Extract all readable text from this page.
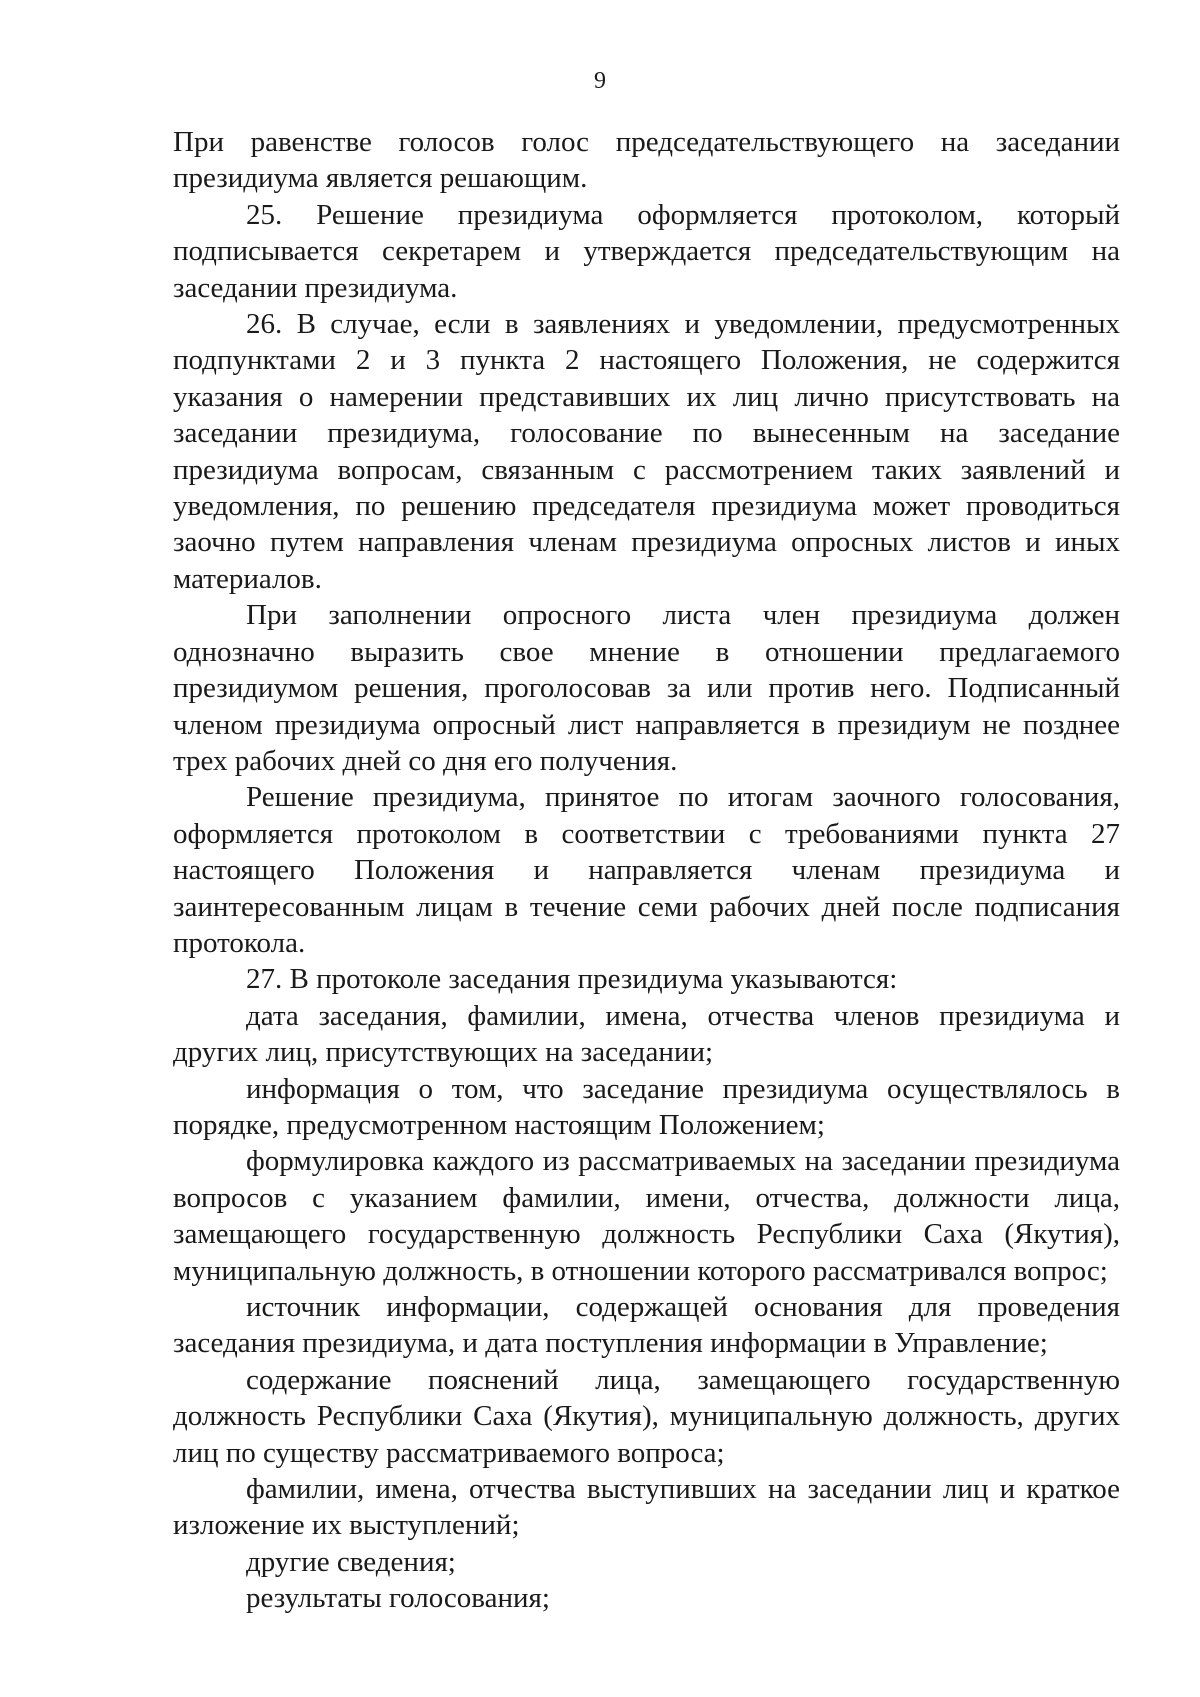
9

При равенстве голосов голос председательствующего на заседании президиума является решающим.

25. Решение президиума оформляется протоколом, который подписывается секретарем и утверждается председательствующим на заседании президиума.

26. В случае, если в заявлениях и уведомлении, предусмотренных подпунктами 2 и 3 пункта 2 настоящего Положения, не содержится указания о намерении представивших их лиц лично присутствовать на заседании президиума, голосование по вынесенным на заседание президиума вопросам, связанным с рассмотрением таких заявлений и уведомления, по решению председателя президиума может проводиться заочно путем направления членам президиума опросных листов и иных материалов.

При заполнении опросного листа член президиума должен однозначно выразить свое мнение в отношении предлагаемого президиумом решения, проголосовав за или против него. Подписанный членом президиума опросный лист направляется в президиум не позднее трех рабочих дней со дня его получения.

Решение президиума, принятое по итогам заочного голосования, оформляется протоколом в соответствии с требованиями пункта 27 настоящего Положения и направляется членам президиума и заинтересованным лицам в течение семи рабочих дней после подписания протокола.

27. В протоколе заседания президиума указываются:

дата заседания, фамилии, имена, отчества членов президиума и других лиц, присутствующих на заседании;

информация о том, что заседание президиума осуществлялось в порядке, предусмотренном настоящим Положением;

формулировка каждого из рассматриваемых на заседании президиума вопросов с указанием фамилии, имени, отчества, должности лица, замещающего государственную должность Республики Саха (Якутия), муниципальную должность, в отношении которого рассматривался вопрос;

источник информации, содержащей основания для проведения заседания президиума, и дата поступления информации в Управление;

содержание пояснений лица, замещающего государственную должность Республики Саха (Якутия), муниципальную должность, других лиц по существу рассматриваемого вопроса;

фамилии, имена, отчества выступивших на заседании лиц и краткое изложение их выступлений;

другие сведения;

результаты голосования;
